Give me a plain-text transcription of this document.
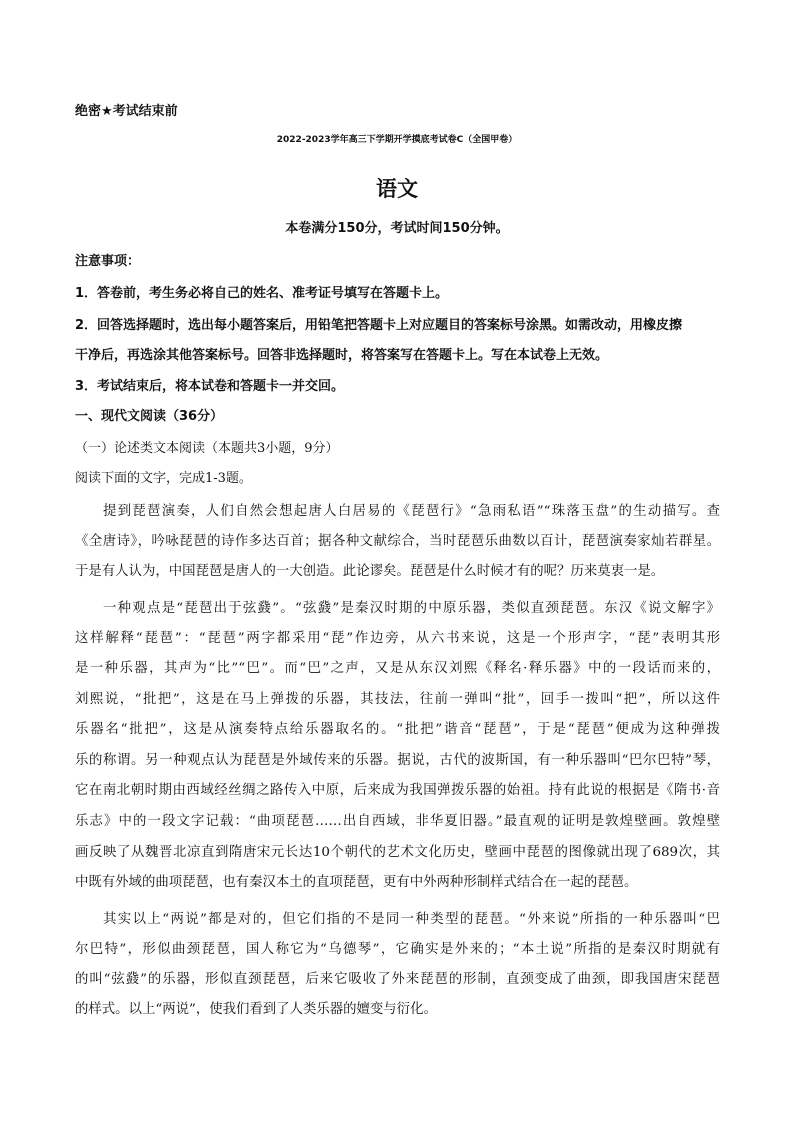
绝密★考试结束前
2022-2023学年高三下学期开学摸底考试卷C（全国甲卷）
语文
本卷满分150分，考试时间150分钟。
注意事项：
1．答卷前，考生务必将自己的姓名、准考证号填写在答题卡上。
2．回答选择题时，选出每小题答案后，用铅笔把答题卡上对应题目的答案标号涂黑。如需改动，用橡皮擦
干净后，再选涂其他答案标号。回答非选择题时，将答案写在答题卡上。写在本试卷上无效。
3．考试结束后，将本试卷和答题卡一并交回。
一、现代文阅读（36分）
（一）论述类文本阅读（本题共3小题，9分）
阅读下面的文字，完成1-3题。
提到琵琶演奏，人们自然会想起唐人白居易的《琵琶行》“急雨私语”“珠落玉盘”的生动描写。查
《全唐诗》，吟咏琵琶的诗作多达百首；据各种文献综合，当时琵琶乐曲数以百计，琵琶演奏家灿若群星。
于是有人认为，中国琵琶是唐人的一大创造。此论谬矣。琵琶是什么时候才有的呢？历来莫衷一是。
一种观点是“琵琶出于弦鼗”。“弦鼗”是秦汉时期的中原乐器，类似直颈琵琶。东汉《说文解字》
这样解释“琵琶”：“琵琶”两字都采用“琵”作边旁，从六书来说，这是一个形声字，“琵”表明其形
是一种乐器，其声为“比”“巴”。而“巴”之声，又是从东汉刘熙《释名·释乐器》中的一段话而来的，
刘熙说，“批把”，这是在马上弹拨的乐器，其技法，往前一弹叫“批”，回手一拨叫“把”，所以这件
乐器名“批把”，这是从演奏特点给乐器取名的。“批把”谐音“琵琶”，于是“琵琶”便成为这种弹拨
乐的称谓。另一种观点认为琵琶是外域传来的乐器。据说，古代的波斯国，有一种乐器叫“巴尔巴特”琴，
它在南北朝时期由西域经丝绸之路传入中原，后来成为我国弹拨乐器的始祖。持有此说的根据是《隋书·音
乐志》中的一段文字记载：“曲项琵琶……出自西域，非华夏旧器。”最直观的证明是敦煌壁画。敦煌壁
画反映了从魏晋北凉直到隋唐宋元长达10个朝代的艺术文化历史，壁画中琵琶的图像就出现了689次，其
中既有外域的曲项琵琶，也有秦汉本土的直项琵琶，更有中外两种形制样式结合在一起的琵琶。
其实以上“两说”都是对的，但它们指的不是同一种类型的琵琶。“外来说”所指的一种乐器叫“巴
尔巴特”，形似曲颈琵琶，国人称它为“乌德琴”，它确实是外来的；“本土说”所指的是秦汉时期就有
的叫“弦鼗”的乐器，形似直颈琵琶，后来它吸收了外来琵琶的形制，直颈变成了曲颈，即我国唐宋琵琶
的样式。以上“两说”，使我们看到了人类乐器的嬗变与衍化。
